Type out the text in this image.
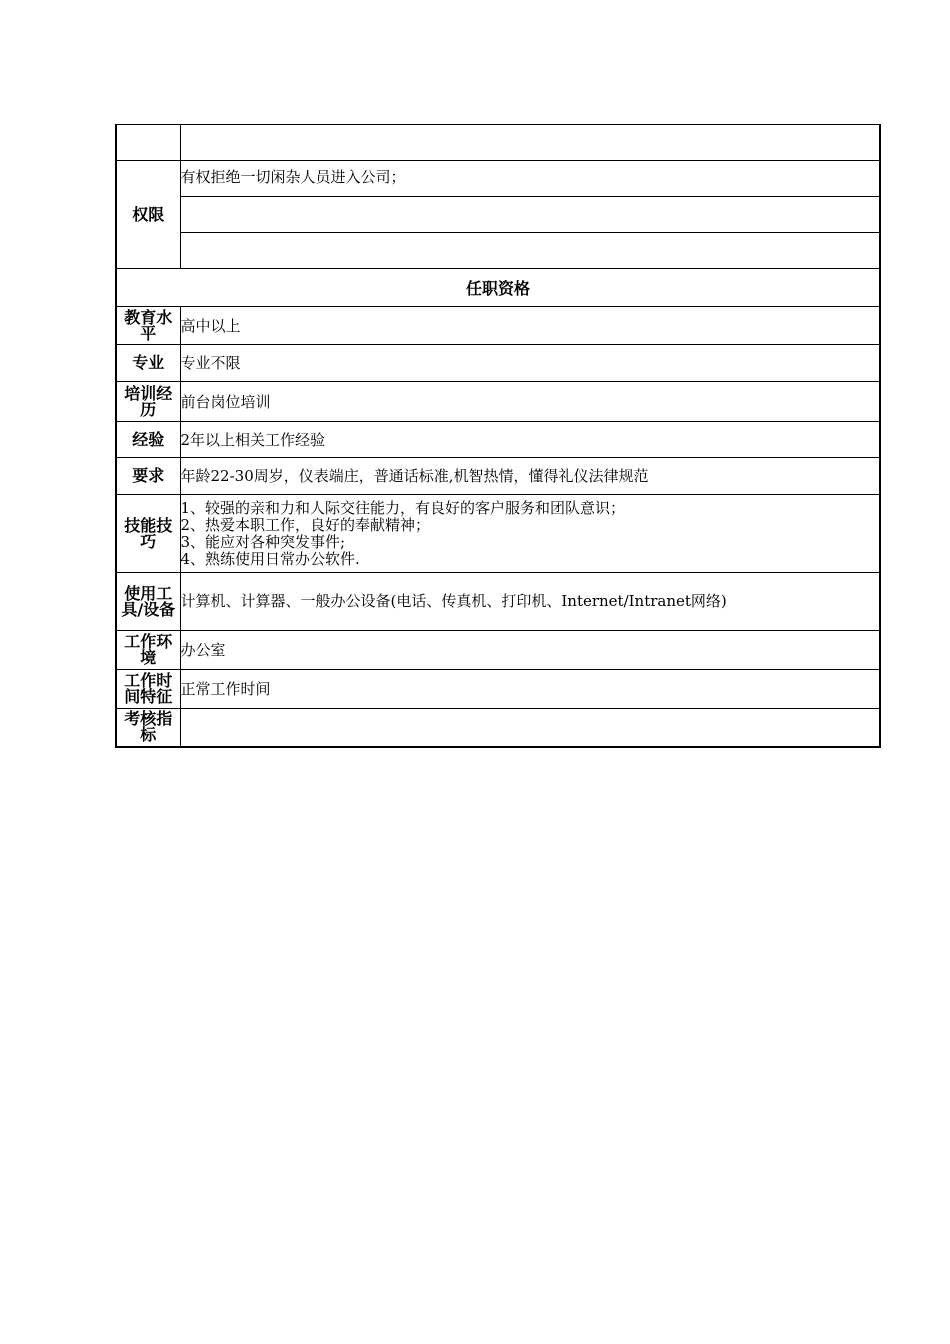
权限	有权拒绝一切闲杂人员进入公司；

任职资格	
教育水平	高中以上
专业	专业不限
培训经历	前台岗位培训
经验	2年以上相关工作经验
要求	年龄22-30周岁，仪表端庄，普通话标准,机智热情，懂得礼仪法律规范
技能技巧	1、较强的亲和力和人际交往能力，有良好的客户服务和团队意识；
2、热爱本职工作，良好的奉献精神；
3、能应对各种突发事件;
4、熟练使用日常办公软件.
使用工具/设备	计算机、计算器、一般办公设备(电话、传真机、打印机、Internet/Intranet网络)
工作环境	办公室
工作时间特征	正常工作时间
考核指标	
